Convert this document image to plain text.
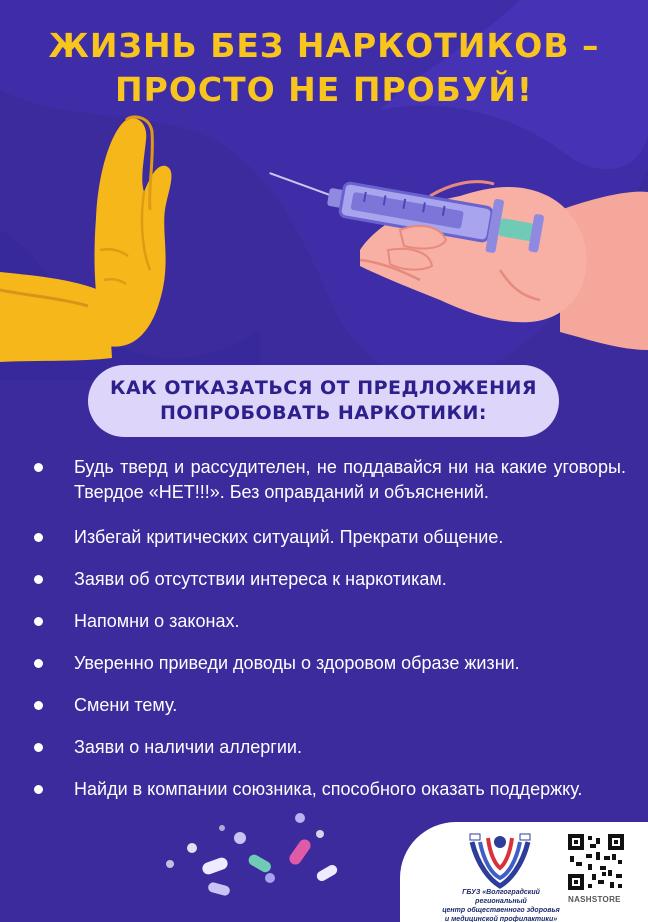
ЖИЗНЬ БЕЗ НАРКОТИКОВ –
ПРОСТО НЕ ПРОБУЙ!
КАК ОТКАЗАТЬСЯ ОТ ПРЕДЛОЖЕНИЯ
ПОПРОБОВАТЬ НАРКОТИКИ:
Будь тверд и рассудителен, не поддавайся ни на какие уговоры. Твердое «НЕТ!!!». Без оправданий и объяснений.
Избегай критических ситуаций. Прекрати общение.
Заяви об отсутствии интереса к наркотикам.
Напомни о законах.
Уверенно приведи доводы о здоровом образе жизни.
Смени тему.
Заяви о наличии аллергии.
Найди в компании союзника, способного оказать поддержку.
ГБУЗ «Волгоградский региональный
центр общественного здоровья
и медицинской профилактики»
NASHSTORE
